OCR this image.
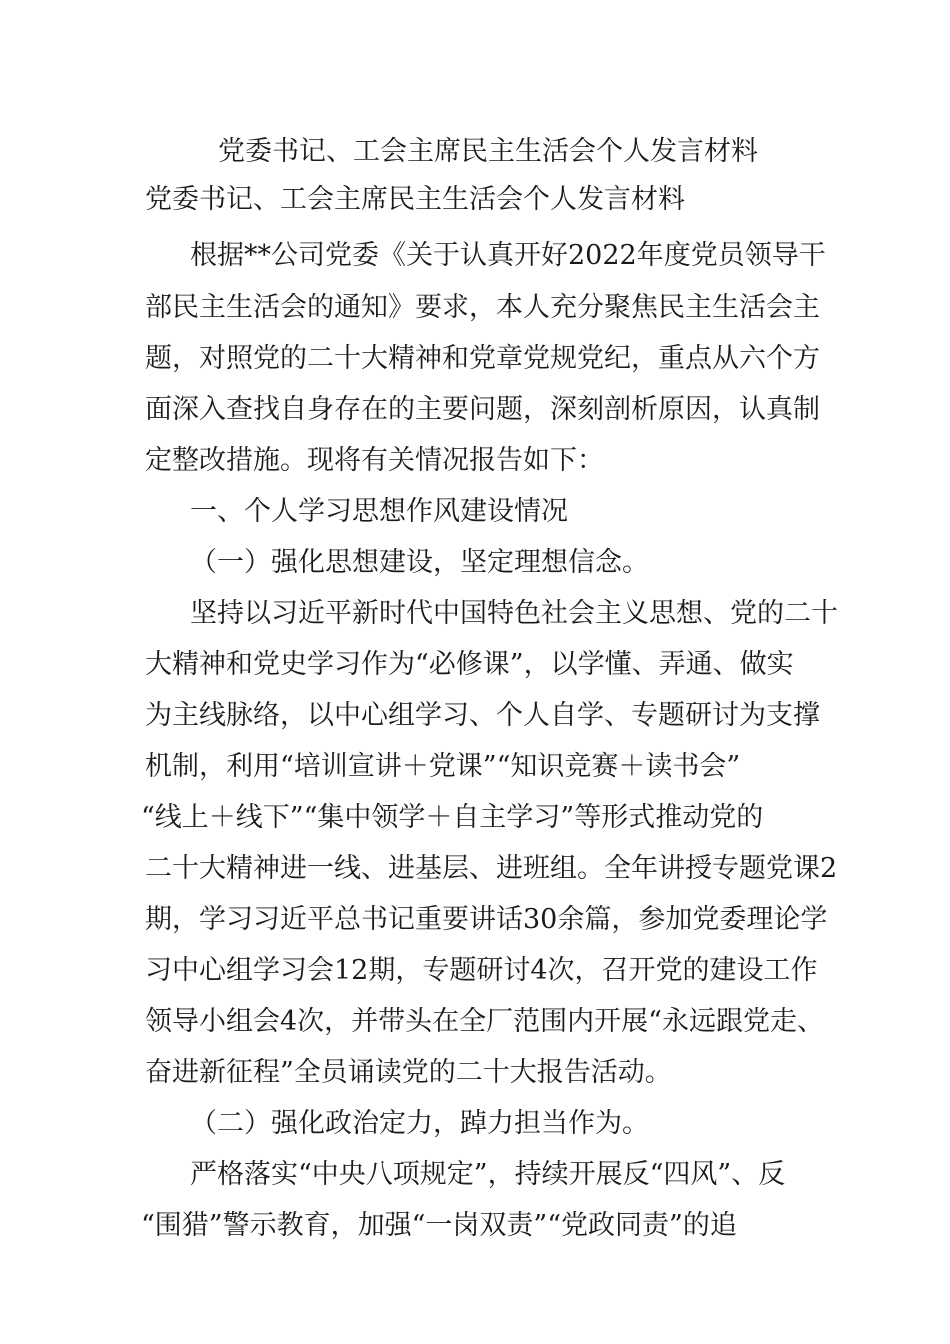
党委书记、工会主席民主生活会个人发言材料
党委书记、工会主席民主生活会个人发言材料
根据**公司党委《关于认真开好2022年度党员领导干
部民主生活会的通知》要求，本人充分聚焦民主生活会主
题，对照党的二十大精神和党章党规党纪，重点从六个方
面深入查找自身存在的主要问题，深刻剖析原因，认真制
定整改措施。现将有关情况报告如下：
一、个人学习思想作风建设情况
（一）强化思想建设，坚定理想信念。
坚持以习近平新时代中国特色社会主义思想、党的二十
大精神和党史学习作为“必修课”，以学懂、弄通、做实
为主线脉络，以中心组学习、个人自学、专题研讨为支撑
机制，利用“培训宣讲＋党课”“知识竞赛＋读书会”
“线上＋线下”“集中领学＋自主学习”等形式推动党的
二十大精神进一线、进基层、进班组。全年讲授专题党课2
期，学习习近平总书记重要讲话30余篇，参加党委理论学
习中心组学习会12期，专题研讨4次，召开党的建设工作
领导小组会4次，并带头在全厂范围内开展“永远跟党走、
奋进新征程”全员诵读党的二十大报告活动。
（二）强化政治定力，踔力担当作为。
严格落实“中央八项规定”，持续开展反“四风”、反
“围猎”警示教育，加强“一岗双责”“党政同责”的追
